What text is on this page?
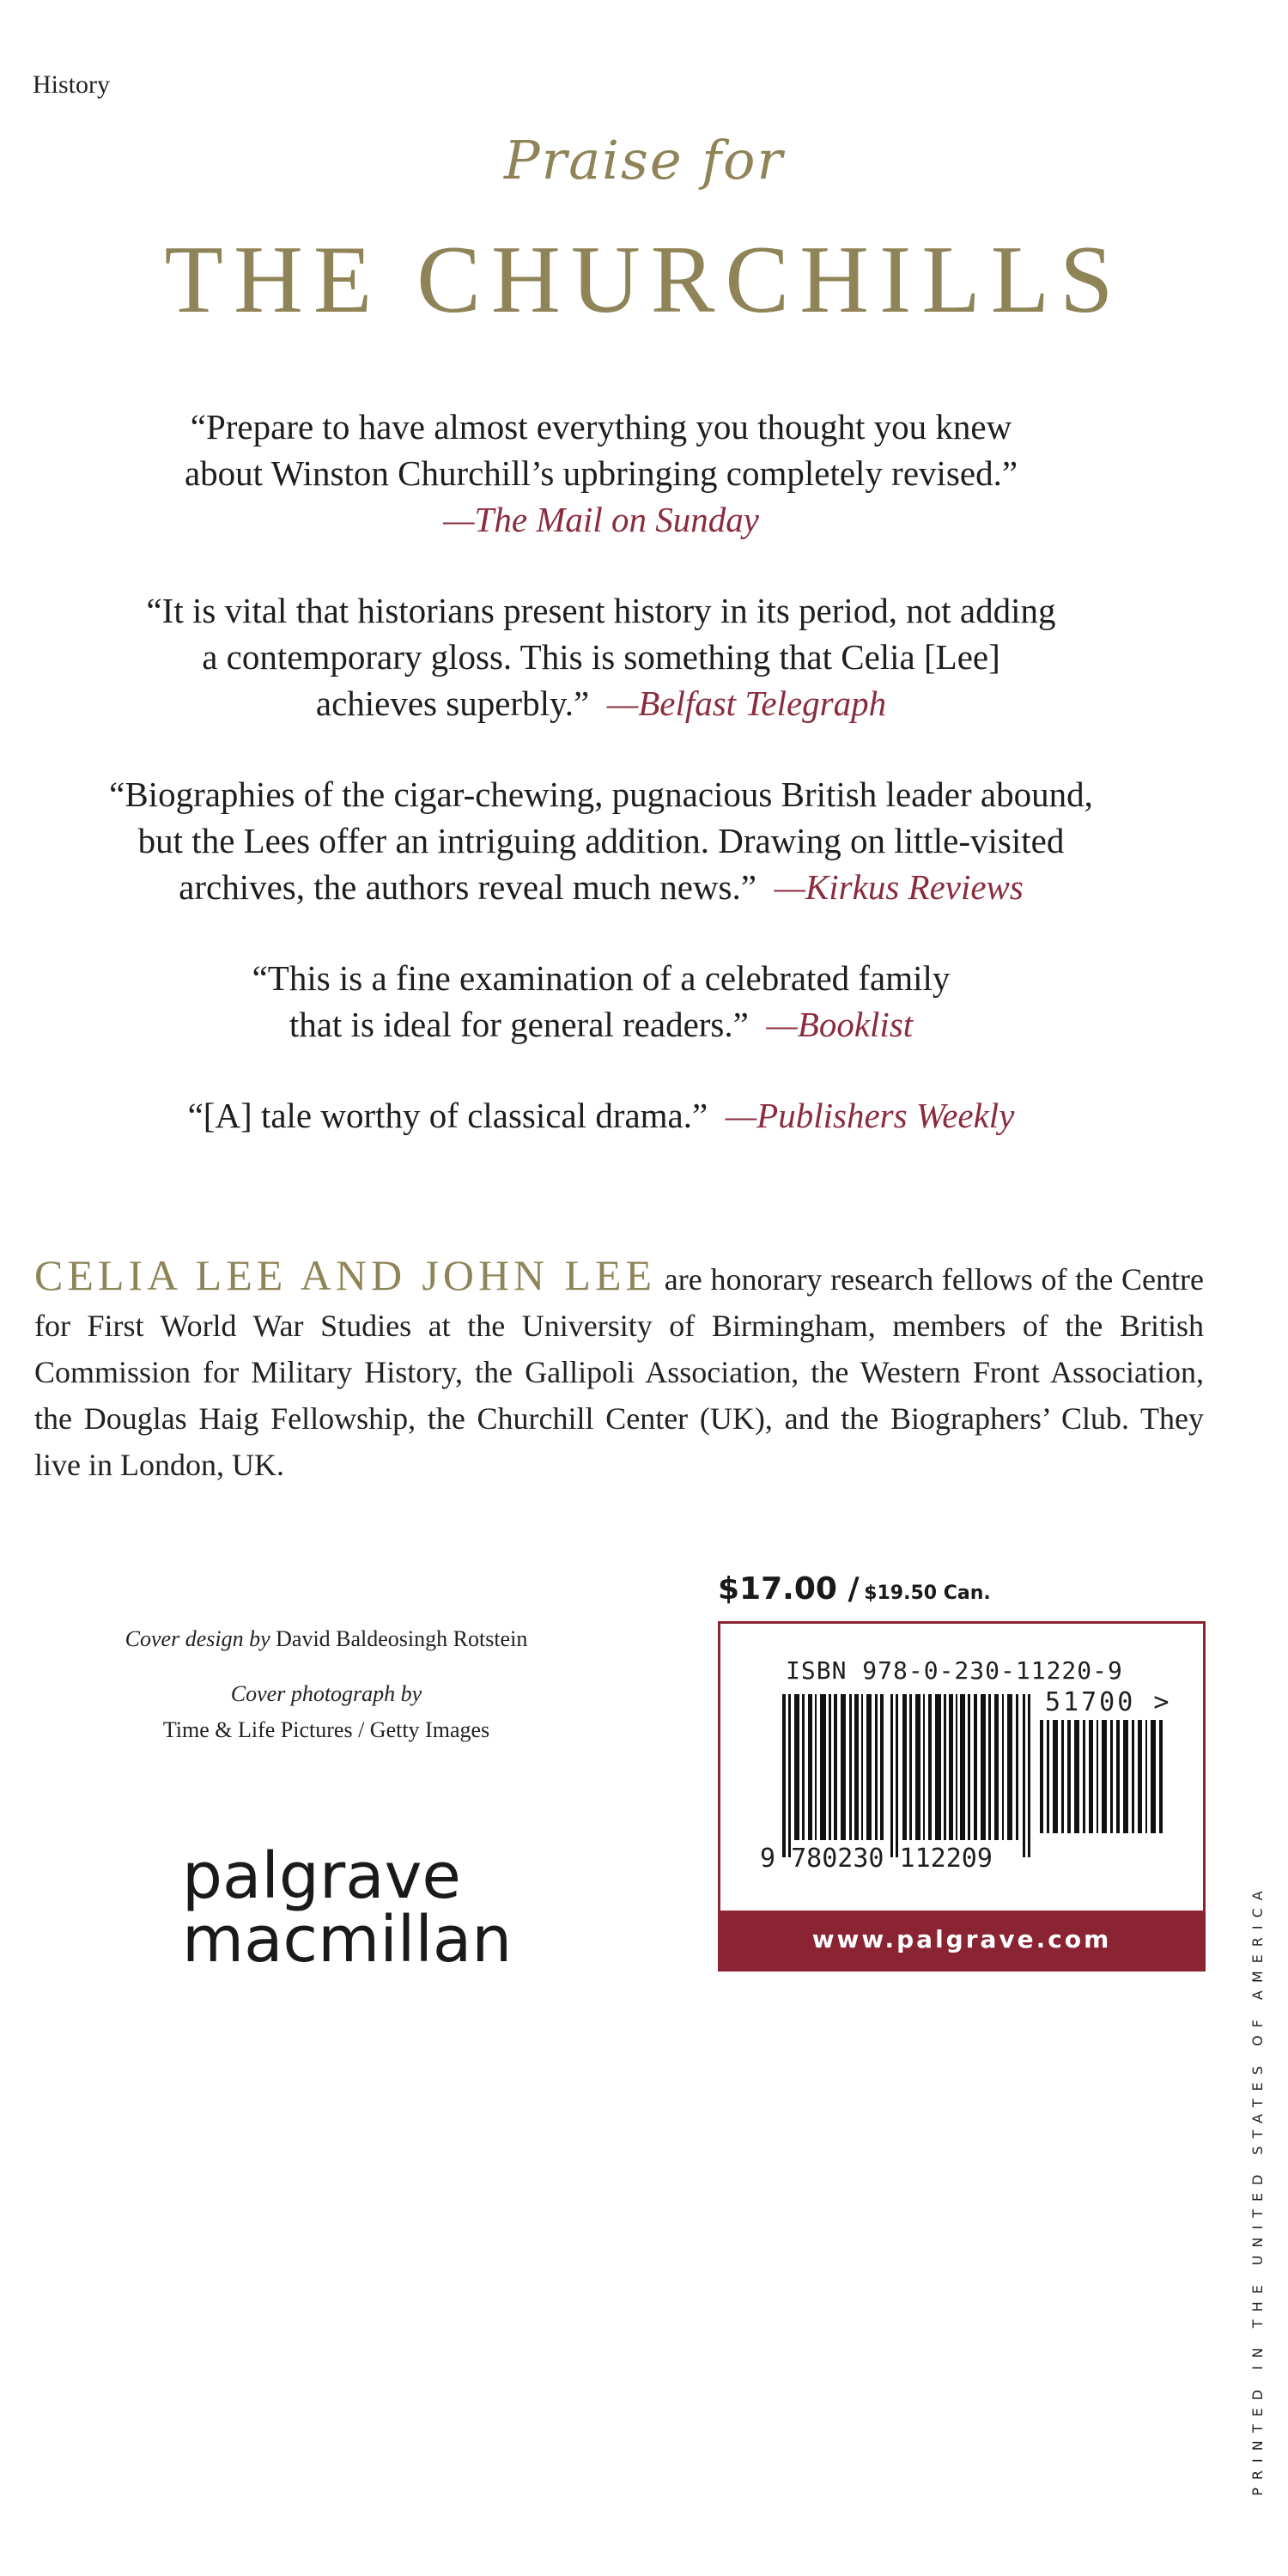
History
Praise for
THE CHURCHILLS
“Prepare to have almost everything you thought you knew
about Winston Churchill’s upbringing completely revised.”
—The Mail on Sunday
“It is vital that historians present history in its period, not adding
a contemporary gloss. This is something that Celia [Lee]
achieves superbly.” —Belfast Telegraph
“Biographies of the cigar-chewing, pugnacious British leader abound,
but the Lees offer an intriguing addition. Drawing on little-visited
archives, the authors reveal much news.” —Kirkus Reviews
“This is a fine examination of a celebrated family
that is ideal for general readers.” —Booklist
“[A] tale worthy of classical drama.” —Publishers Weekly
CELIA LEE AND JOHN LEE are honorary research fellows of the Centre for First World War Studies at the University of Birmingham, members of the British Commission for Military History, the Gallipoli Association, the Western Front Association, the Douglas Haig Fellowship, the Churchill Center (UK), and the Biographers’ Club. They live in London, UK.

Cover design by David Baldeosingh Rotstein

Cover photograph by
Time & Life Pictures / Getty Images

palgrave
macmillan
$17.00 / $19.50 Can.
ISBN 978-0-230-11220-9
51700 >
9 780230 112209
www.palgrave.com	PRINTED IN THE UNITED STATES OF AMERICA
